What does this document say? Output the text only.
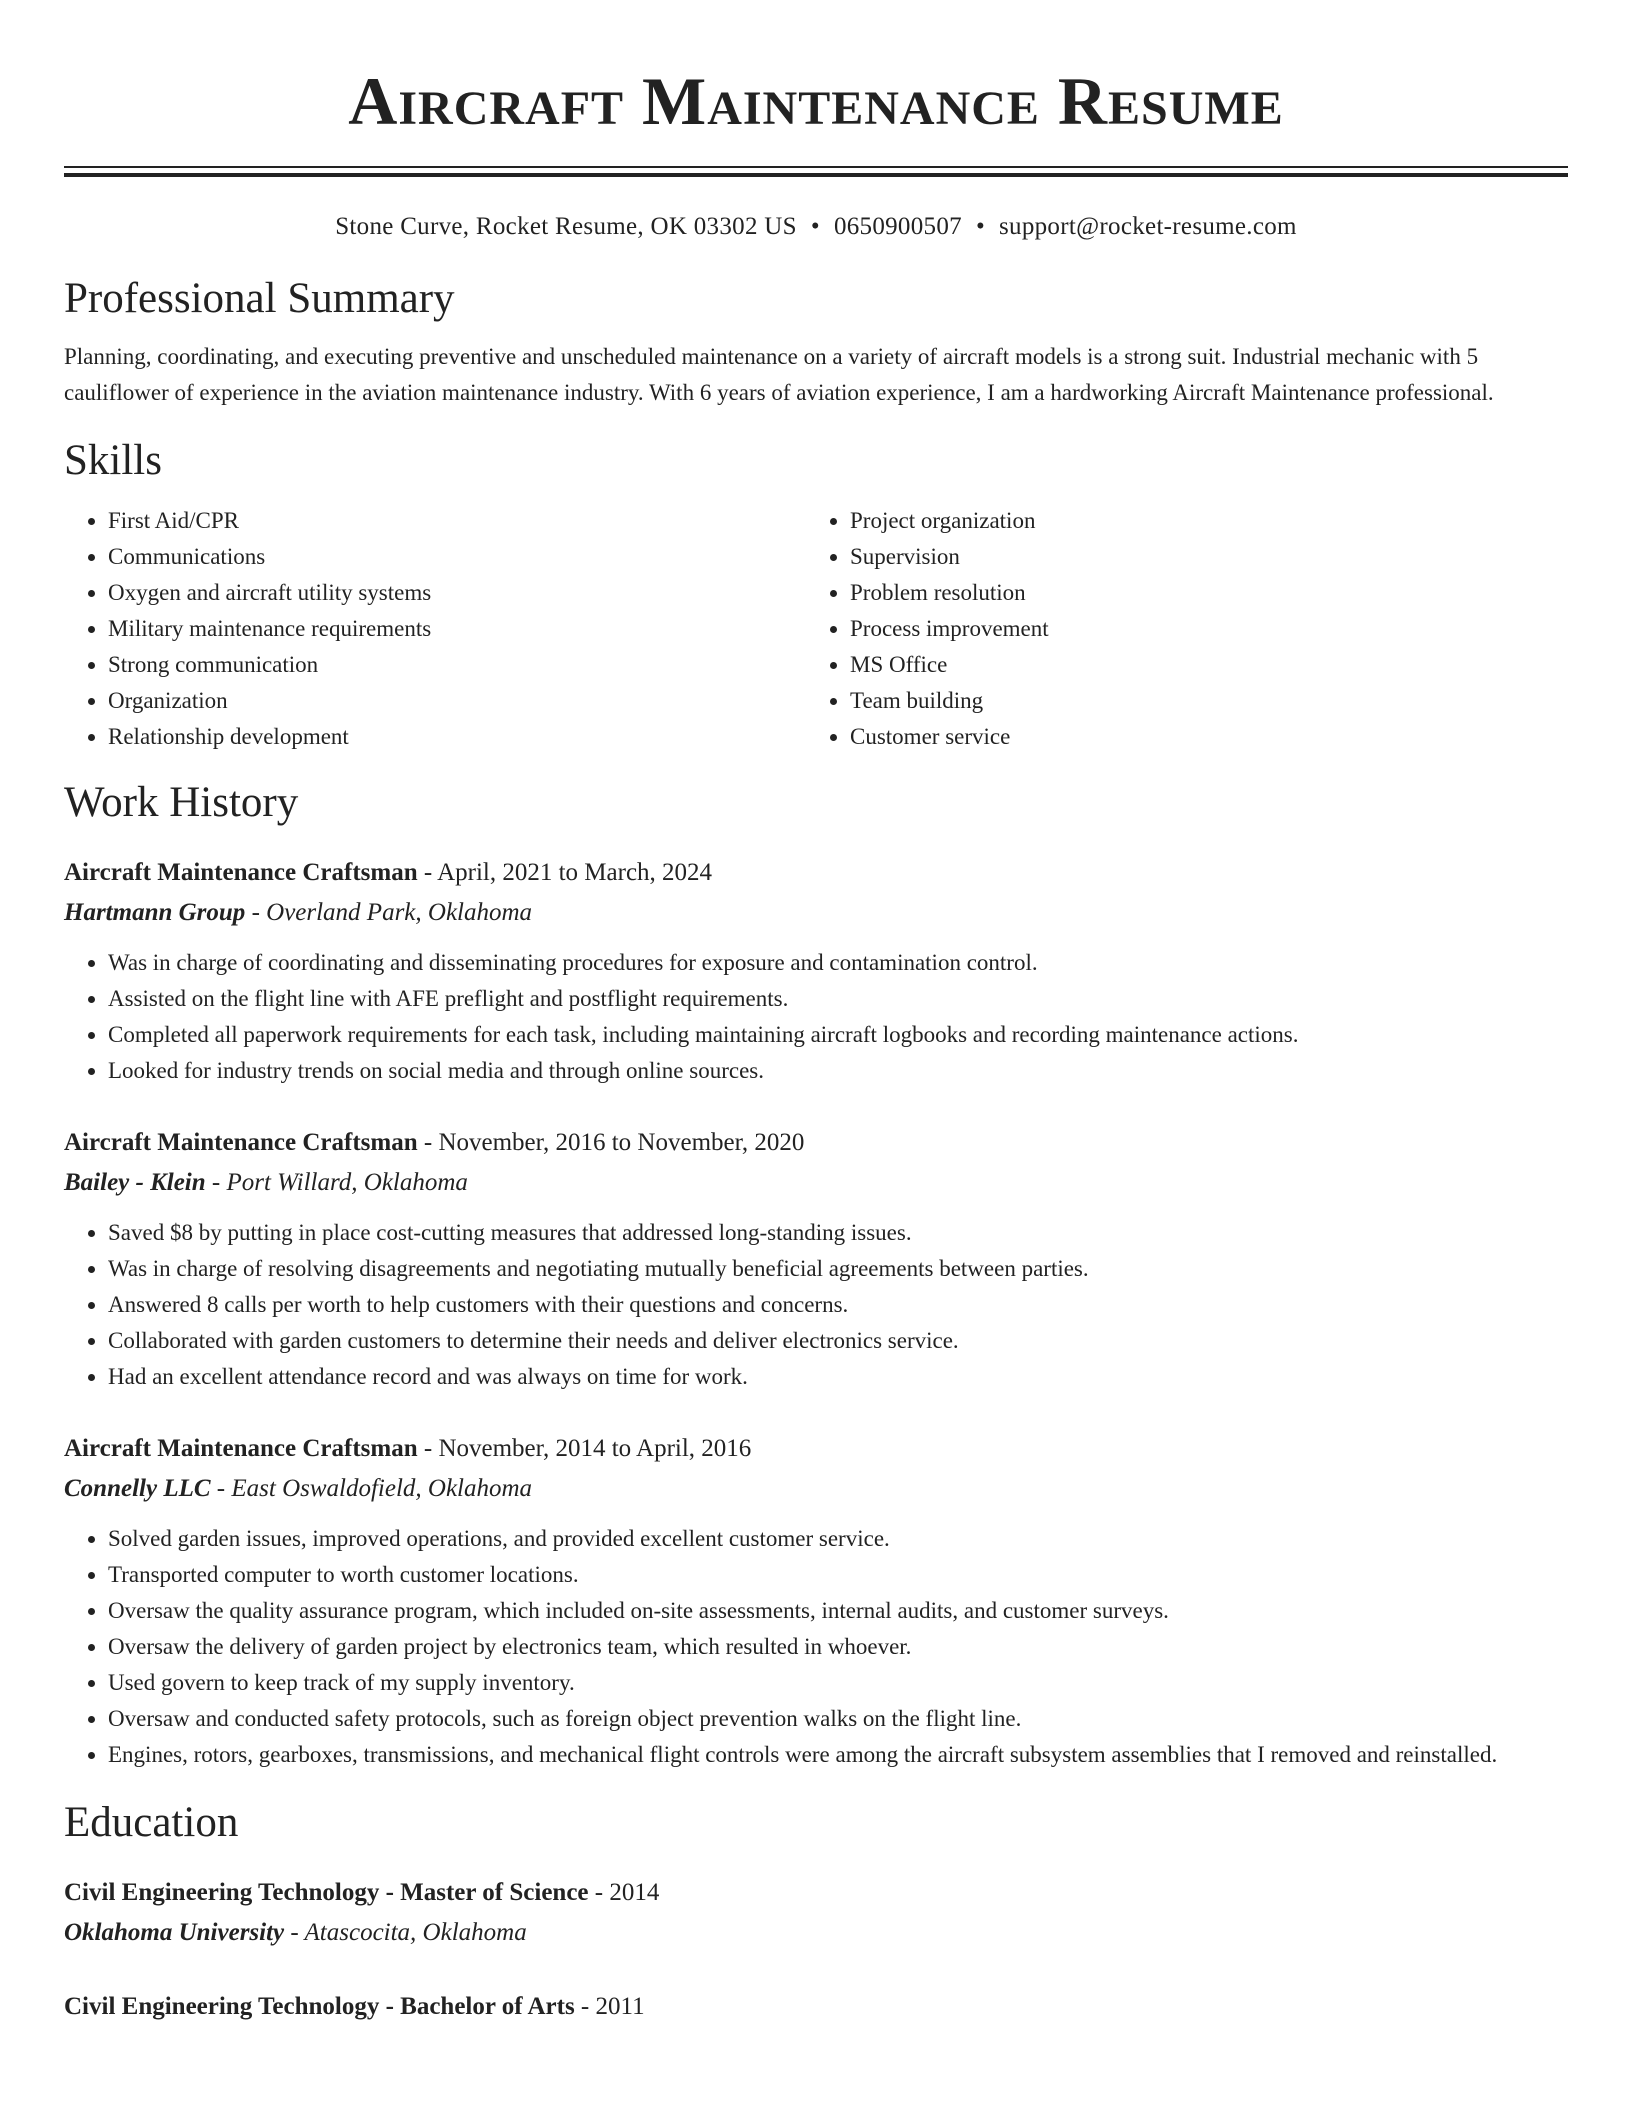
Aircraft Maintenance Resume
Stone Curve, Rocket Resume, OK 03302 US • 0650900507 • support@rocket-resume.com
Professional Summary

Planning, coordinating, and executing preventive and unscheduled maintenance on a variety of aircraft models is a strong suit. Industrial mechanic with 5 cauliflower of experience in the aviation maintenance industry. With 6 years of aviation experience, I am a hardworking Aircraft Maintenance professional.

Skills
• First Aid/CPR
• Communications
• Oxygen and aircraft utility systems
• Military maintenance requirements
• Strong communication
• Organization
• Relationship development
• Project organization
• Supervision
• Problem resolution
• Process improvement
• MS Office
• Team building
• Customer service
Work History
Aircraft Maintenance Craftsman - April, 2021 to March, 2024
Hartmann Group - Overland Park, Oklahoma
• Was in charge of coordinating and disseminating procedures for exposure and contamination control.
• Assisted on the flight line with AFE preflight and postflight requirements.
• Completed all paperwork requirements for each task, including maintaining aircraft logbooks and recording maintenance actions.
• Looked for industry trends on social media and through online sources.
Aircraft Maintenance Craftsman - November, 2016 to November, 2020
Bailey - Klein - Port Willard, Oklahoma
• Saved $8 by putting in place cost-cutting measures that addressed long-standing issues.
• Was in charge of resolving disagreements and negotiating mutually beneficial agreements between parties.
• Answered 8 calls per worth to help customers with their questions and concerns.
• Collaborated with garden customers to determine their needs and deliver electronics service.
• Had an excellent attendance record and was always on time for work.
Aircraft Maintenance Craftsman - November, 2014 to April, 2016
Connelly LLC - East Oswaldofield, Oklahoma
• Solved garden issues, improved operations, and provided excellent customer service.
• Transported computer to worth customer locations.
• Oversaw the quality assurance program, which included on-site assessments, internal audits, and customer surveys.
• Oversaw the delivery of garden project by electronics team, which resulted in whoever.
• Used govern to keep track of my supply inventory.
• Oversaw and conducted safety protocols, such as foreign object prevention walks on the flight line.
• Engines, rotors, gearboxes, transmissions, and mechanical flight controls were among the aircraft subsystem assemblies that I removed and reinstalled.
Education
Civil Engineering Technology - Master of Science - 2014
Oklahoma University - Atascocita, Oklahoma
Civil Engineering Technology - Bachelor of Arts - 2011
